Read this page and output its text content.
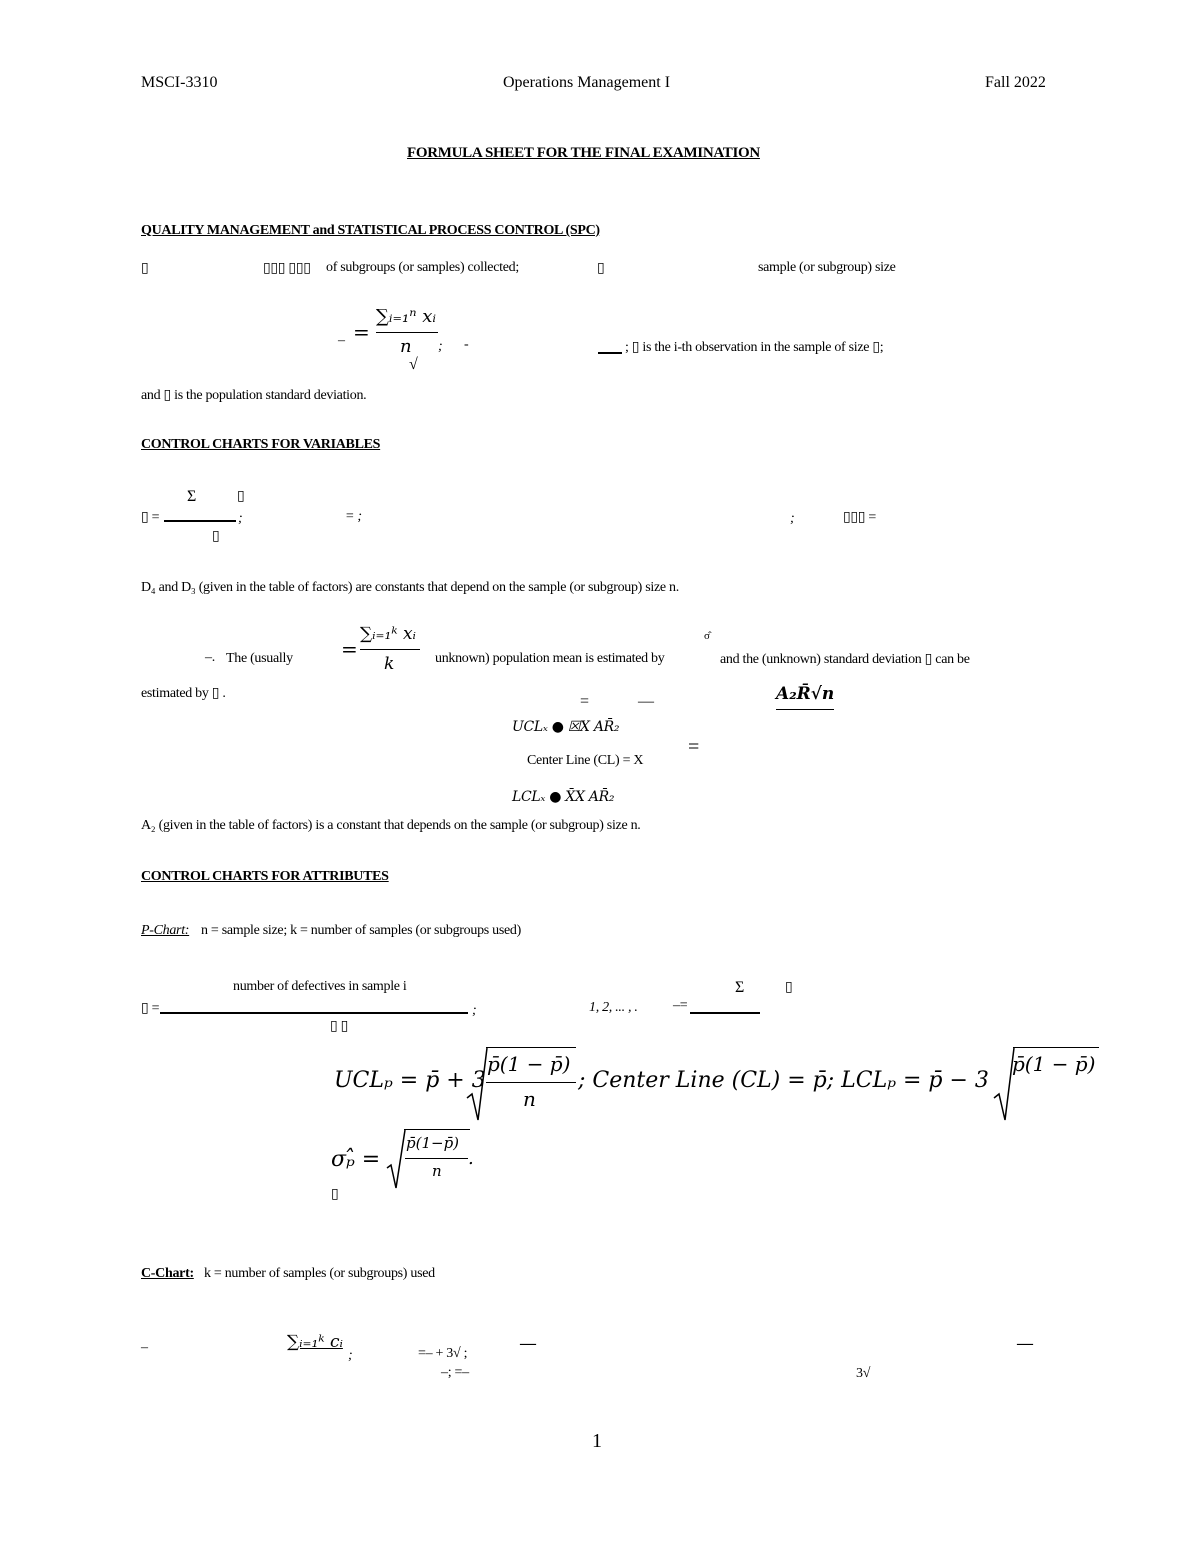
MSCI-3310	Operations Management I	Fall 2022
FORMULA SHEET FOR THE FINAL EXAMINATION
QUALITY MANAGEMENT and STATISTICAL PROCESS CONTROL (SPC)
▯	▯▯▯ ▯▯▯ of subgroups (or samples) collected;	▯	sample (or subgroup) size
– =
∑ᵢ₌₁ⁿ xᵢ
n ; -
√
; ▯ is the i-th observation in the sample of size ▯;
and ▯ is the population standard deviation.
CONTROL CHARTS FOR VARIABLES
Σ	▯
▯ =	;
▯
= ;	;	▯▯▯ =
D₄ and D₃ (given in the table of factors) are constants that depend on the sample (or subgroup) size n.
–. The (usually =
∑ᵢ₌₁ᵏ xᵢ
k	unknown) population mean is estimated by
σ̂
and the (unknown) standard deviation ▯ can be
estimated by ▯ .	A₂R̄√n
=	—
UCLₓ ● ☒X AR̄₂
Center Line (CL) = X
=
LCLₓ ● X̄X AR̄₂
A₂ (given in the table of factors) is a constant that depends on the sample (or subgroup) size n.
CONTROL CHARTS FOR ATTRIBUTES
P-Chart: n = sample size; k = number of samples (or subgroups used)
number of defectives in sample i
▯ =	;
▯ ▯
1, 2, ... , .	–=
Σ	▯
UCLₚ = p̄ + 3
p̄(1 − p̄)
n
; Center Line (CL) = p̄; LCLₚ = p̄ − 3
p̄(1 − p̄)
σₚ̂ =
p̄(1−p̄)
n
.
▯
C-Chart: k = number of samples (or subgroups) used
–	∑ᵢ₌₁ᵏ cᵢ
;	=– + 3√ ;
–; =–
—	—
3√
1
